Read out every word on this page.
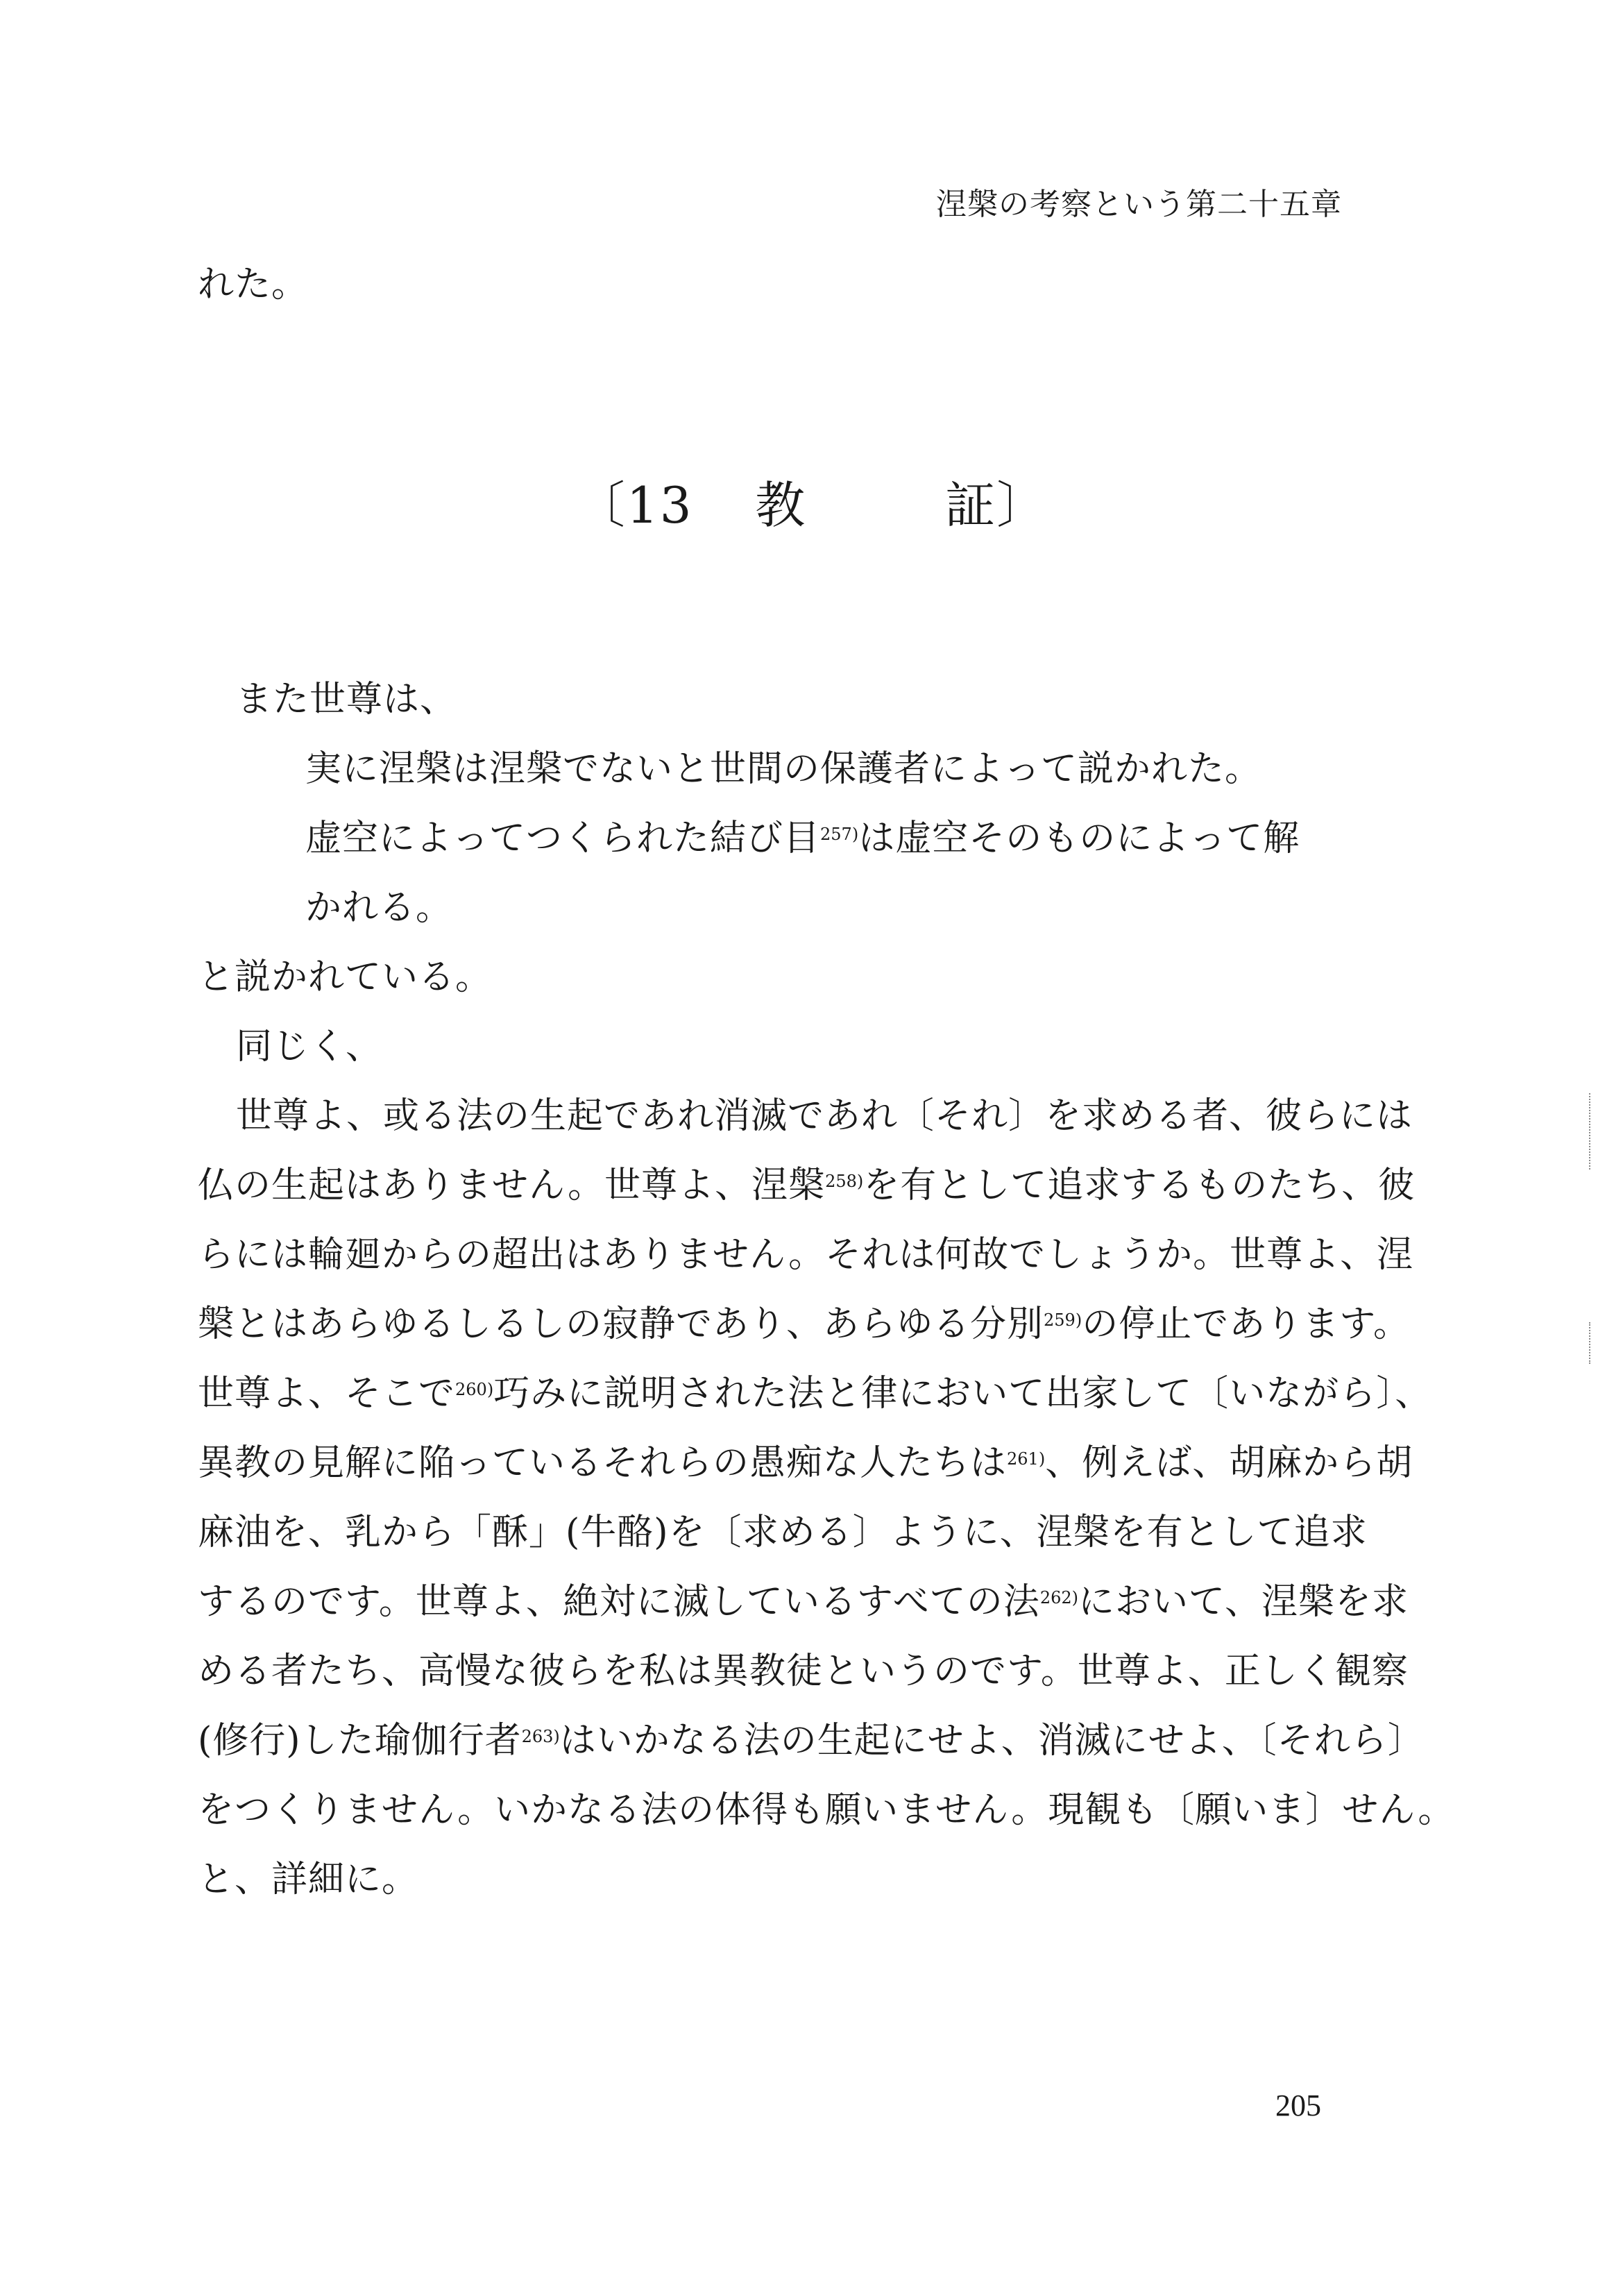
涅槃の考察という第二十五章
れた。
〔13 教	証〕
また世尊は、
実に涅槃は涅槃でないと世間の保護者によって説かれた。
虚空によってつくられた結び目$^{257)}$は虚空そのものによって解
かれる。
と説かれている。
同じく、
世尊よ、或る法の生起であれ消滅であれ〔それ〕を求める者、彼らには
仏の生起はありません。世尊よ、涅槃$^{258)}$を有として追求するものたち、彼
らには輪廻からの超出はありません。それは何故でしょうか。世尊よ、涅
槃とはあらゆるしるしの寂静であり、あらゆる分別$^{259)}$の停止であります。
世尊よ、そこで$^{260)}$巧みに説明された法と律において出家して〔いながら〕、
異教の見解に陥っているそれらの愚痴な人たちは$^{261)}$、例えば、胡麻から胡
麻油を、乳から「酥」(牛酪)を〔求める〕ように、涅槃を有として追求
するのです。世尊よ、絶対に滅しているすべての法$^{262)}$において、涅槃を求
める者たち、高慢な彼らを私は異教徒というのです。世尊よ、正しく観察
(修行)した瑜伽行者$^{263)}$はいかなる法の生起にせよ、消滅にせよ、〔それら〕
をつくりません。いかなる法の体得も願いません。現観も〔願いま〕せん。
と、詳細に。
205
